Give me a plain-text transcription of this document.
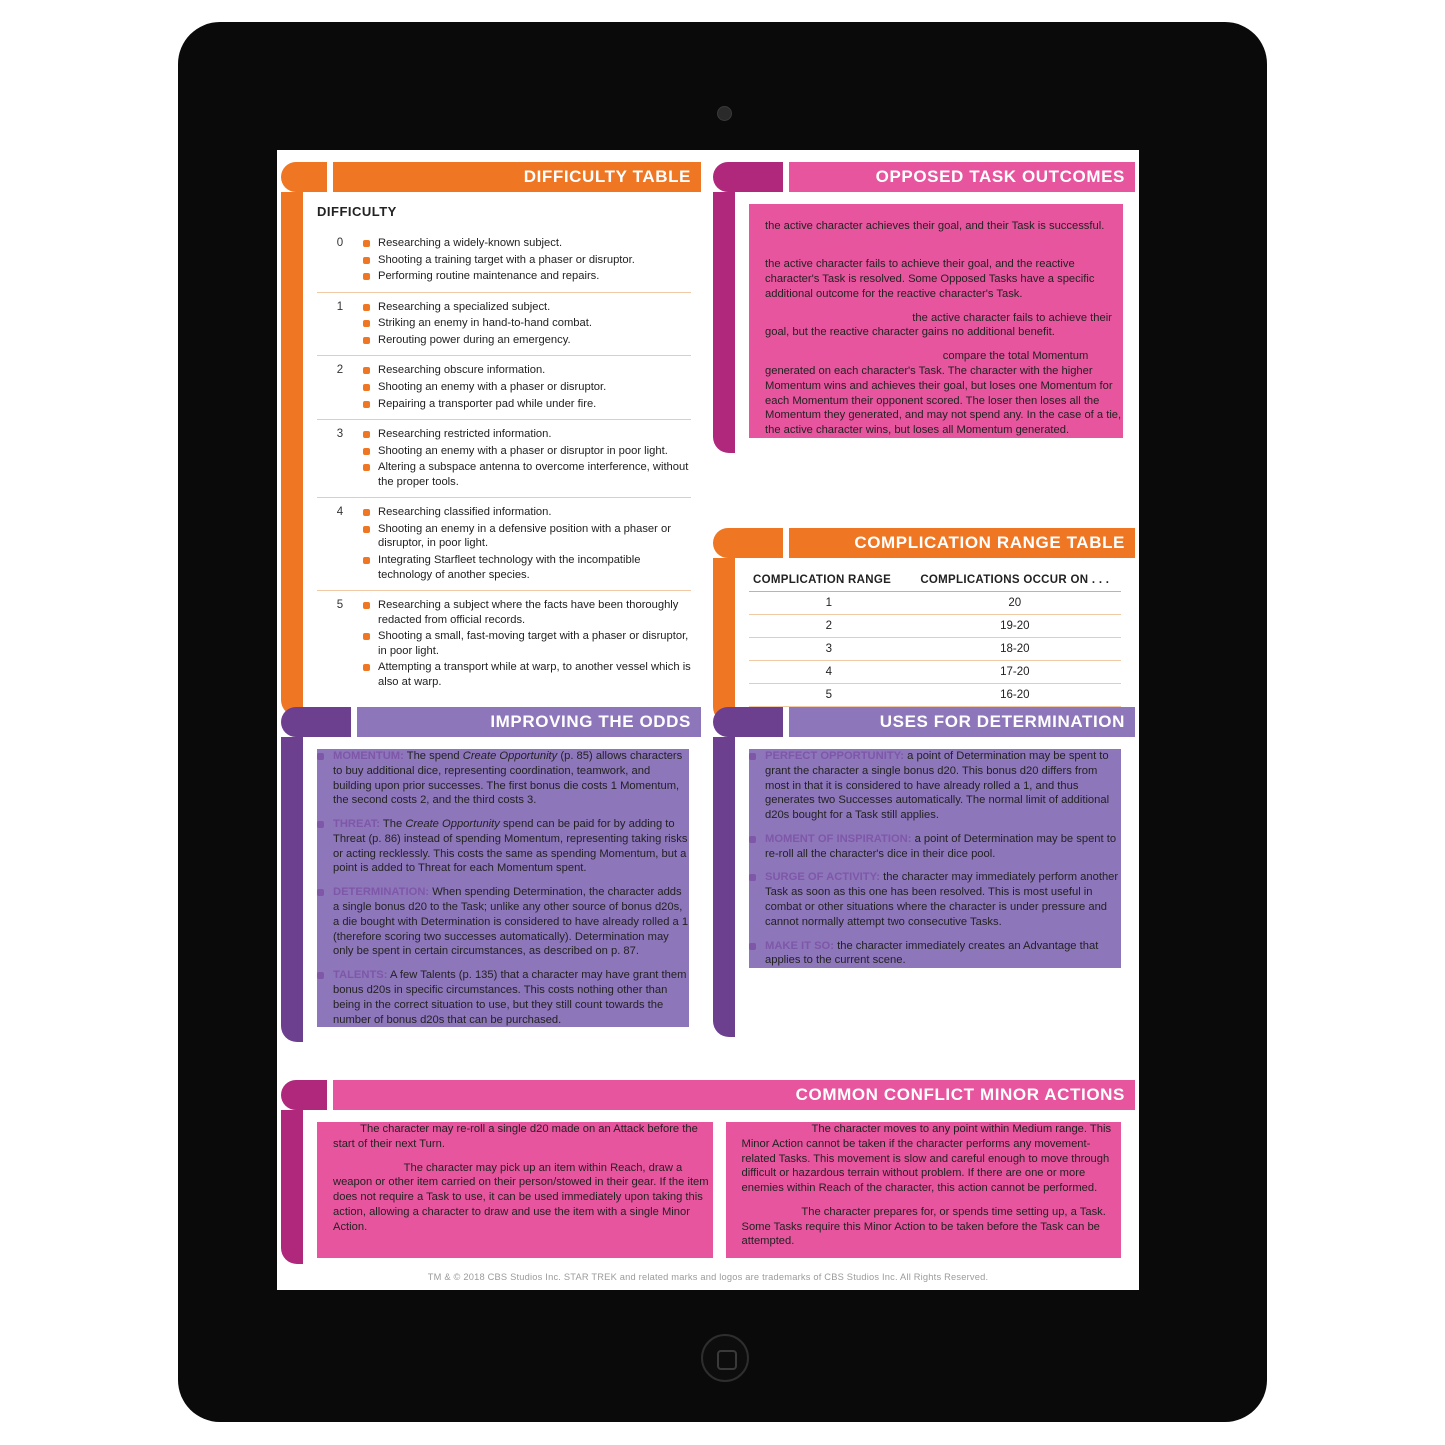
DIFFICULTY TABLE
DIFFICULTY
0	Researching a widely-known subject.
Shooting a training target with a phaser or disruptor.
Performing routine maintenance and repairs.
1	Researching a specialized subject.
Striking an enemy in hand-to-hand combat.
Rerouting power during an emergency.
2	Researching obscure information.
Shooting an enemy with a phaser or disruptor.
Repairing a transporter pad while under fire.
3	Researching restricted information.
Shooting an enemy with a phaser or disruptor in poor light.
Altering a subspace antenna to overcome interference, without the proper tools.
4	Researching classified information.
Shooting an enemy in a defensive position with a phaser or disruptor, in poor light.
Integrating Starfleet technology with the incompatible technology of another species.
5	Researching a subject where the facts have been thoroughly redacted from official records.
Shooting a small, fast-moving target with a phaser or disruptor, in poor light.
Attempting a transport while at warp, to another vessel which is also at warp.
OPPOSED TASK OUTCOMES
ACTIVE CHARACTER SUCCEEDS, REACTIVE CHARACTER FAILS: the active character achieves their goal, and their Task is successful.
ACTIVE CHARACTER FAILS, REACTIVE CHARACTER SUCCEEDS: the active character fails to achieve their goal, and the reactive character's Task is resolved. Some Opposed Tasks have a specific additional outcome for the reactive character's Task.
BOTH CHARACTERS FAIL: the active character fails to achieve their goal, but the reactive character gains no additional benefit.
BOTH CHARACTERS SUCCEED: compare the total Momentum generated on each character's Task. The character with the higher Momentum wins and achieves their goal, but loses one Momentum for each Momentum their opponent scored. The loser then loses all the Momentum they generated, and may not spend any. In the case of a tie, the active character wins, but loses all Momentum generated.
COMPLICATION RANGE TABLE
COMPLICATION RANGE	COMPLICATIONS OCCUR ON . . .
1	20
2	19-20
3	18-20
4	17-20
5	16-20
IMPROVING THE ODDS
MOMENTUM: The spend Create Opportunity (p. 85) allows characters to buy additional dice, representing coordination, teamwork, and building upon prior successes. The first bonus die costs 1 Momentum, the second costs 2, and the third costs 3.
THREAT: The Create Opportunity spend can be paid for by adding to Threat (p. 86) instead of spending Momentum, representing taking risks or acting recklessly. This costs the same as spending Momentum, but a point is added to Threat for each Momentum spent.
DETERMINATION: When spending Determination, the character adds a single bonus d20 to the Task; unlike any other source of bonus d20s, a die bought with Determination is considered to have already rolled a 1 (therefore scoring two successes automatically). Determination may only be spent in certain circumstances, as described on p. 87.
TALENTS: A few Talents (p. 135) that a character may have grant them bonus d20s in specific circumstances. This costs nothing other than being in the correct situation to use, but they still count towards the number of bonus d20s that can be purchased.
USES FOR DETERMINATION
PERFECT OPPORTUNITY: a point of Determination may be spent to grant the character a single bonus d20. This bonus d20 differs from most in that it is considered to have already rolled a 1, and thus generates two Successes automatically. The normal limit of additional d20s bought for a Task still applies.
MOMENT OF INSPIRATION: a point of Determination may be spent to re-roll all the character's dice in their dice pool.
SURGE OF ACTIVITY: the character may immediately perform another Task as soon as this one has been resolved. This is most useful in combat or other situations where the character is under pressure and cannot normally attempt two consecutive Tasks.
MAKE IT SO: the character immediately creates an Advantage that applies to the current scene.
COMMON CONFLICT MINOR ACTIONS
AIM: The character may re-roll a single d20 made on an Attack before the start of their next Turn.
DRAW ITEM: The character may pick up an item within Reach, draw a weapon or other item carried on their person/stowed in their gear. If the item does not require a Task to use, it can be used immediately upon taking this action, allowing a character to draw and use the item with a single Minor Action.
MOVEMENT: The character moves to any point within Medium range. This Minor Action cannot be taken if the character performs any movement-related Tasks. This movement is slow and careful enough to move through difficult or hazardous terrain without problem. If there are one or more enemies within Reach of the character, this action cannot be performed.
PREPARE: The character prepares for, or spends time setting up, a Task. Some Tasks require this Minor Action to be taken before the Task can be attempted.
TM & © 2018 CBS Studios Inc. STAR TREK and related marks and logos are trademarks of CBS Studios Inc. All Rights Reserved.
